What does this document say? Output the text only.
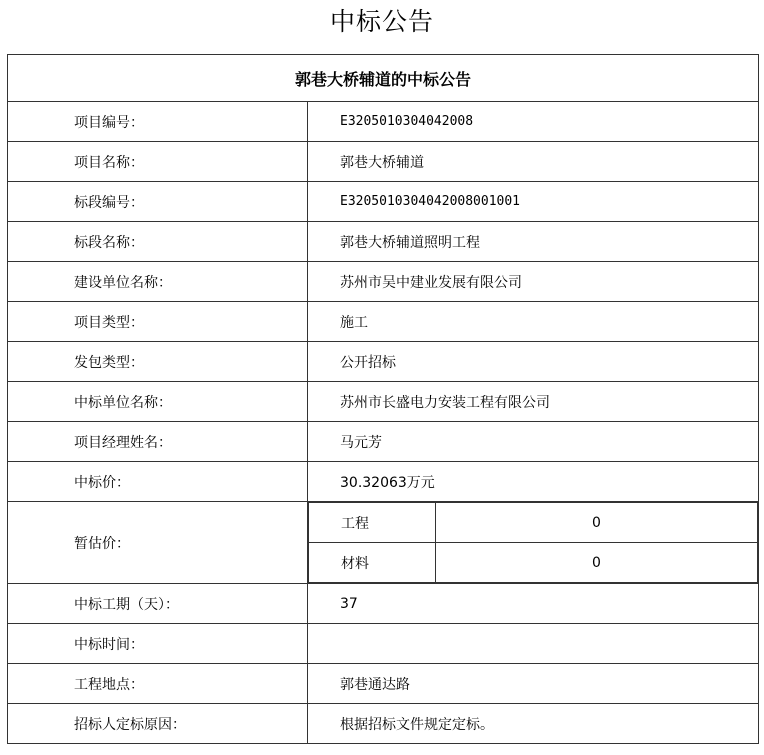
中标公告
郭巷大桥辅道的中标公告
项目编号：	E3205010304042008
项目名称：	郭巷大桥辅道
标段编号：	E3205010304042008001001
标段名称：	郭巷大桥辅道照明工程
建设单位名称：	苏州市吴中建业发展有限公司
项目类型：	施工
发包类型：	公开招标
中标单位名称：	苏州市长盛电力安装工程有限公司
项目经理姓名：	马元芳
中标价：	30.32063万元
暂估价：	
工程	0
材料	0

中标工期（天）：	37
中标时间：	
工程地点：	郭巷通达路
招标人定标原因：	根据招标文件规定定标。
